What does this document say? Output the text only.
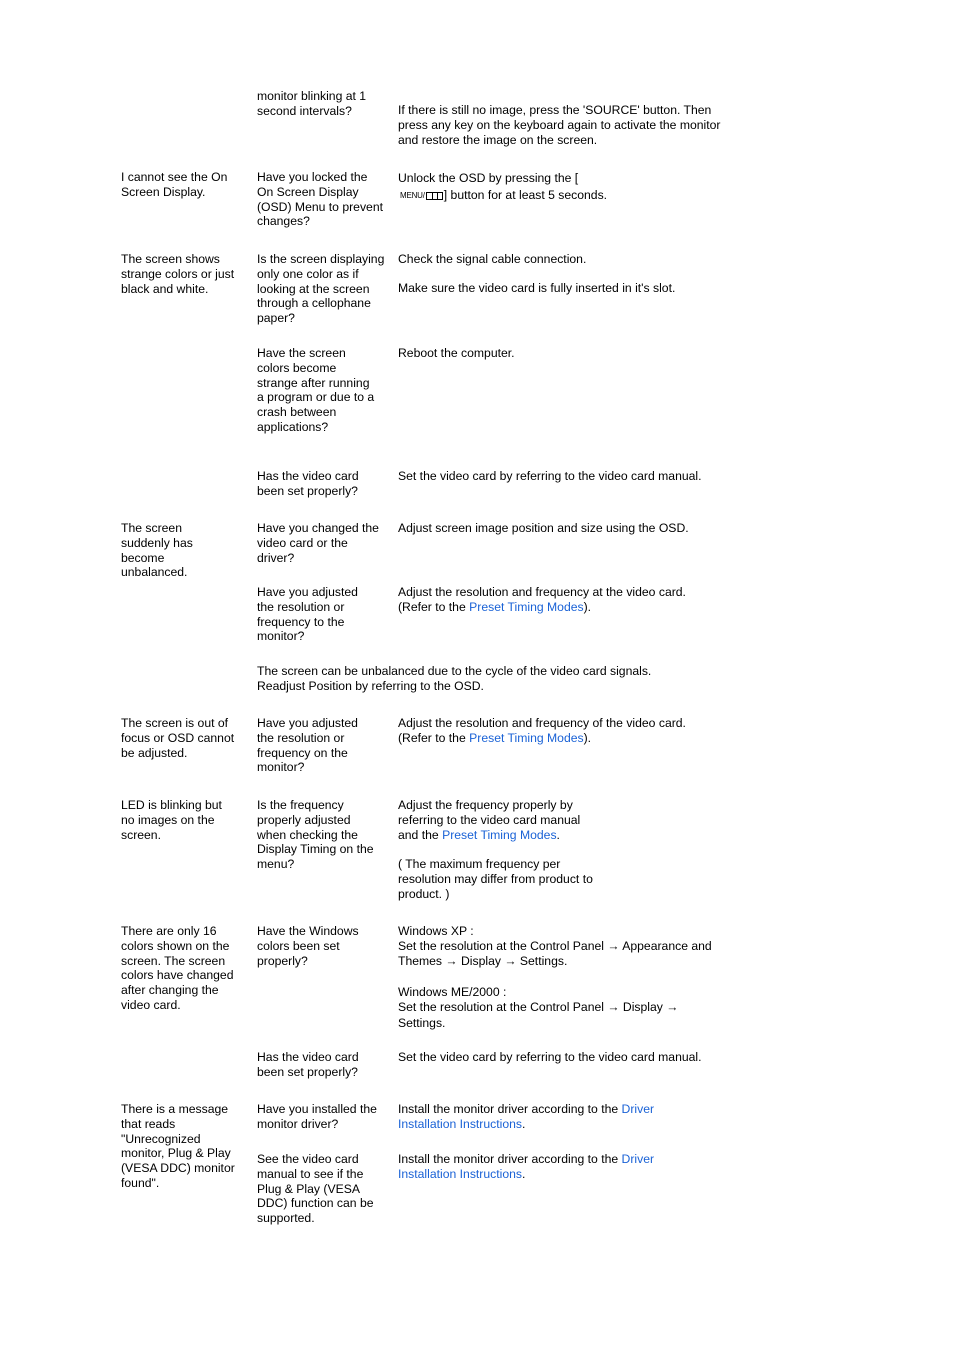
monitor blinking at 1 second intervals?	If there is still no image, press the 'SOURCE' button. Then press any key on the keyboard again to activate the monitor and restore the image on the screen.

I cannot see the On Screen Display.

Have you locked the On Screen Display (OSD) Menu to prevent changes?

Unlock the OSD by pressing the [
MENU/ ] button for at least 5 seconds.

The screen shows strange colors or just black and white.

Is the screen displaying only one color as if looking at the screen through a cellophane paper?

Check the signal cable connection.

Make sure the video card is fully inserted in it's slot.

Have the screen colors become strange after running a program or due to a crash between applications?

Reboot the computer.

Has the video card been set properly?

Set the video card by referring to the video card manual.

The screen suddenly has become unbalanced.

Have you changed the video card or the driver?

Adjust screen image position and size using the OSD.

Have you adjusted the resolution or frequency to the monitor?

Adjust the resolution and frequency at the video card. (Refer to the Preset Timing Modes).

The screen can be unbalanced due to the cycle of the video card signals. Readjust Position by referring to the OSD.

The screen is out of focus or OSD cannot be adjusted.

Have you adjusted the resolution or frequency on the monitor?

Adjust the resolution and frequency of the video card. (Refer to the Preset Timing Modes).

LED is blinking but no images on the screen.

Is the frequency properly adjusted when checking the Display Timing on the menu?

Adjust the frequency properly by referring to the video card manual and the Preset Timing Modes.

( The maximum frequency per resolution may differ from product to product. )

There are only 16 colors shown on the screen. The screen colors have changed after changing the video card.

Have the Windows colors been set properly?

Windows XP :

Set the resolution at the Control Panel → Appearance and Themes → Display → Settings.

Windows ME/2000 :

Set the resolution at the Control Panel → Display → Settings.

Has the video card been set properly?

Set the video card by referring to the video card manual.

There is a message that reads "Unrecognized monitor, Plug & Play (VESA DDC) monitor found".

Have you installed the monitor driver?

Install the monitor driver according to the Driver Installation Instructions.

See the video card manual to see if the Plug & Play (VESA DDC) function can be supported.

Install the monitor driver according to the Driver Installation Instructions.
